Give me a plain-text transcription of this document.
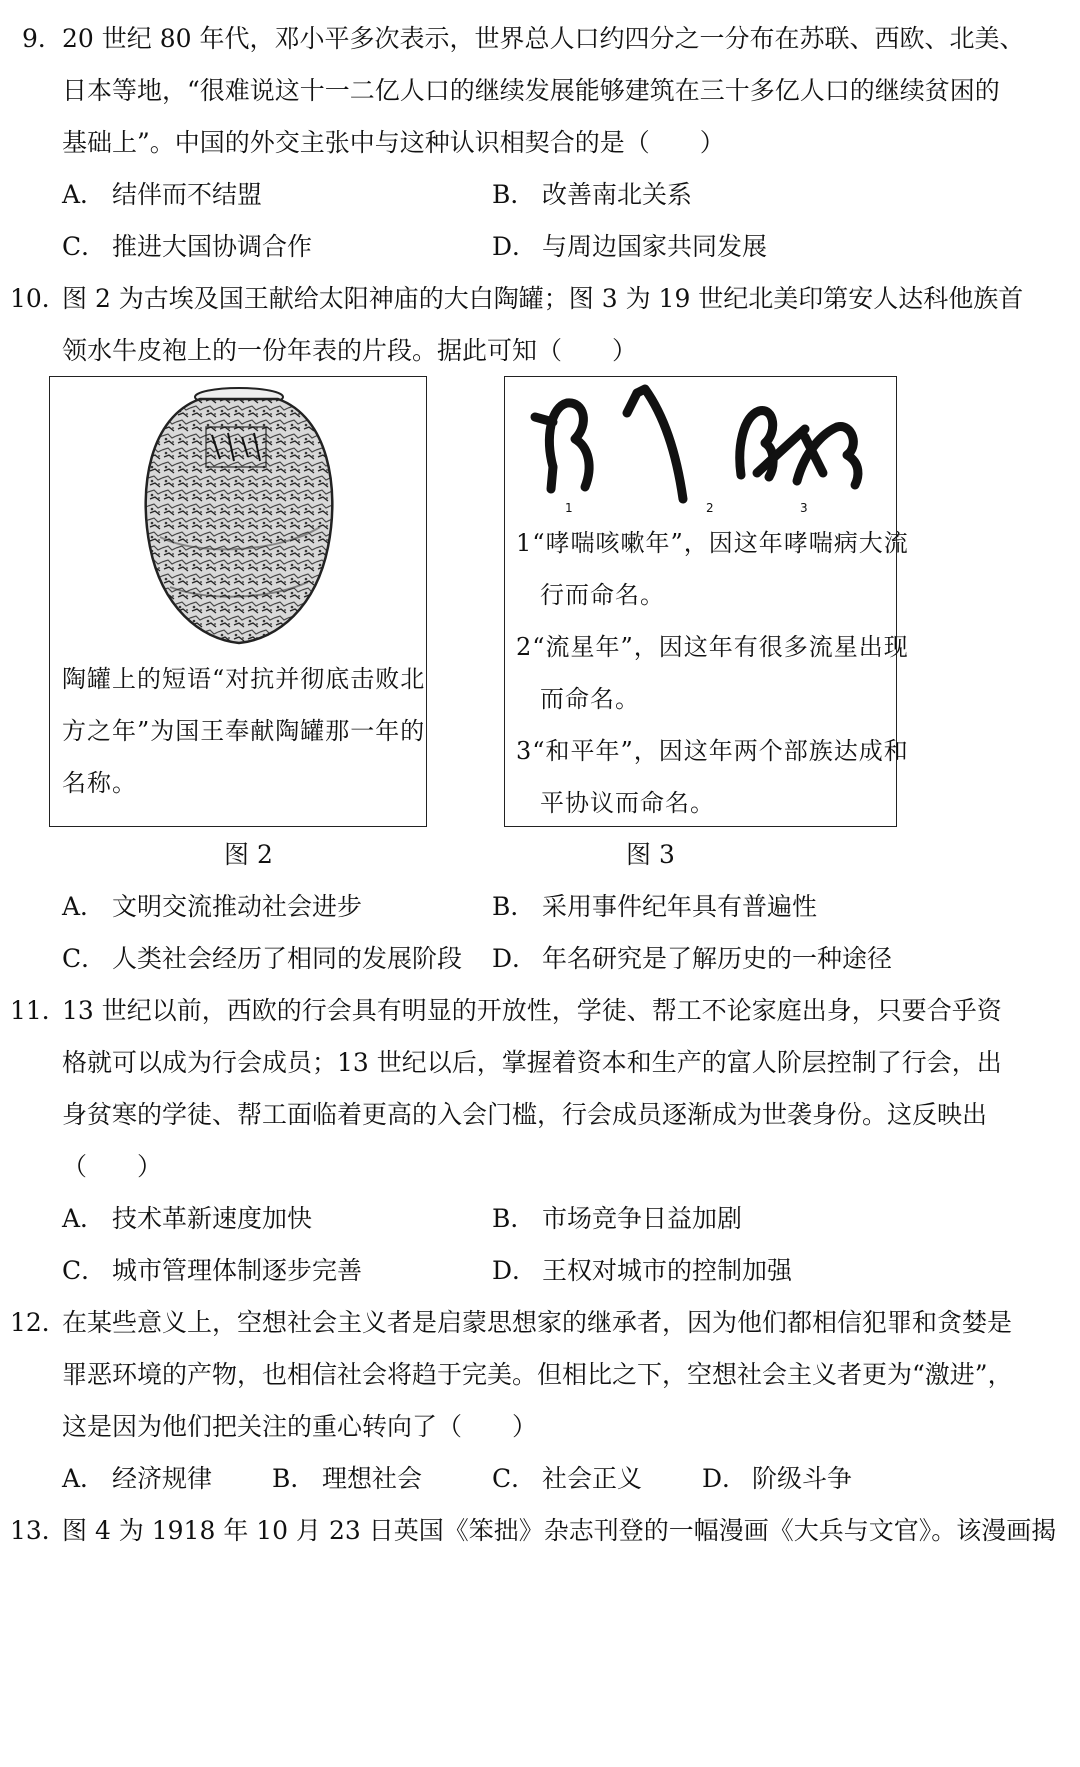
9． 20 世纪 80 年代，邓小平多次表示，世界总人口约四分之一分布在苏联、西欧、北美、
日本等地，“很难说这十一二亿人口的继续发展能够建筑在三十多亿人口的继续贫困的
基础上”。中国的外交主张中与这种认识相契合的是（　　）
A． 结伴而不结盟	B． 改善南北关系
C． 推进大国协调合作	D． 与周边国家共同发展
10．
图 2 为古埃及国王献给太阳神庙的大白陶罐；图 3 为 19 世纪北美印第安人达科他族首
领水牛皮袍上的一份年表的片段。据此可知（　　）
陶罐上的短语“对抗并彻底击败北
方之年”为国王奉献陶罐那一年的
名称。
图 2
1	2	3
1“哮喘咳嗽年”，因这年哮喘病大流
行而命名。
2“流星年”，因这年有很多流星出现
而命名。
3“和平年”，因这年两个部族达成和
平协议而命名。
图 3
A． 文明交流推动社会进步	B． 采用事件纪年具有普遍性
C． 人类社会经历了相同的发展阶段 D． 年名研究是了解历史的一种途径
11．
13 世纪以前，西欧的行会具有明显的开放性，学徒、帮工不论家庭出身，只要合乎资
格就可以成为行会成员；13 世纪以后，掌握着资本和生产的富人阶层控制了行会，出
身贫寒的学徒、帮工面临着更高的入会门槛，行会成员逐渐成为世袭身份。这反映出
（　　）
A． 技术革新速度加快	B． 市场竞争日益加剧
C． 城市管理体制逐步完善	D． 王权对城市的控制加强
12．
在某些意义上，空想社会主义者是启蒙思想家的继承者，因为他们都相信犯罪和贪婪是
罪恶环境的产物，也相信社会将趋于完美。但相比之下，空想社会主义者更为“激进”，
这是因为他们把关注的重心转向了（　　）
A． 经济规律 B． 理想社会	C． 社会正义 D． 阶级斗争
13．
图 4 为 1918 年 10 月 23 日英国《笨拙》杂志刊登的一幅漫画《大兵与文官》。该漫画揭
